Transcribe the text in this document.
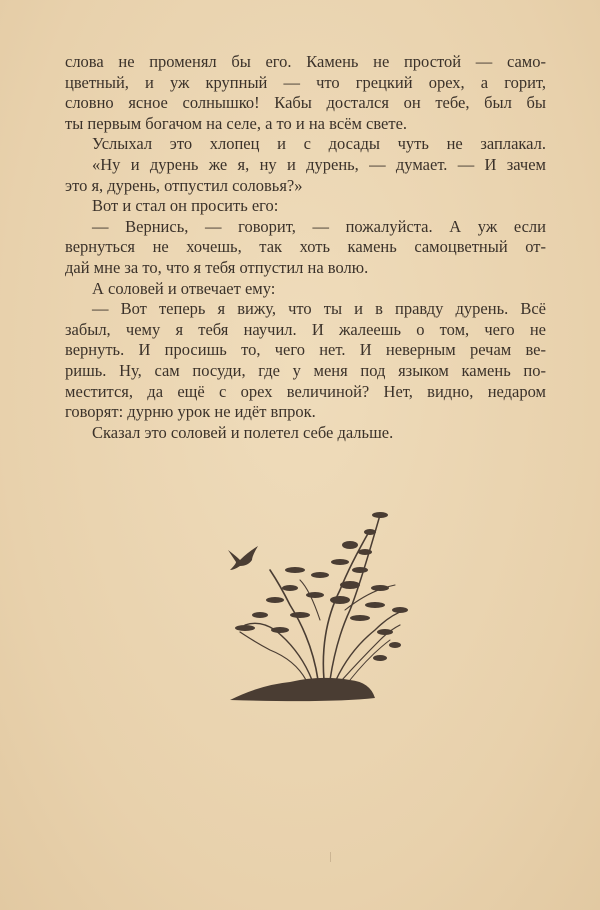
слова не променял бы его. Камень не простой — само-
цветный, и уж крупный — что грецкий орех, а горит,
словно ясное солнышко! Кабы достался он тебе, был бы
ты первым богачом на селе, а то и на всём свете.
Услыхал это хлопец и с досады чуть не заплакал.
«Ну и дурень же я, ну и дурень, — думает. — И зачем
это я, дурень, отпустил соловья?»
Вот и стал он просить его:
— Вернись, — говорит, — пожалуйста. А уж если
вернуться не хочешь, так хоть камень самоцветный от-
дай мне за то, что я тебя отпустил на волю.
А соловей и отвечает ему:
— Вот теперь я вижу, что ты и в правду дурень. Всё
забыл, чему я тебя научил. И жалеешь о том, чего не
вернуть. И просишь то, чего нет. И неверным речам ве-
ришь. Ну, сам посуди, где у меня под языком камень по-
местится, да ещё с орех величиной? Нет, видно, недаром
говорят: дурню урок не идёт впрок.
Сказал это соловей и полетел себе дальше.
